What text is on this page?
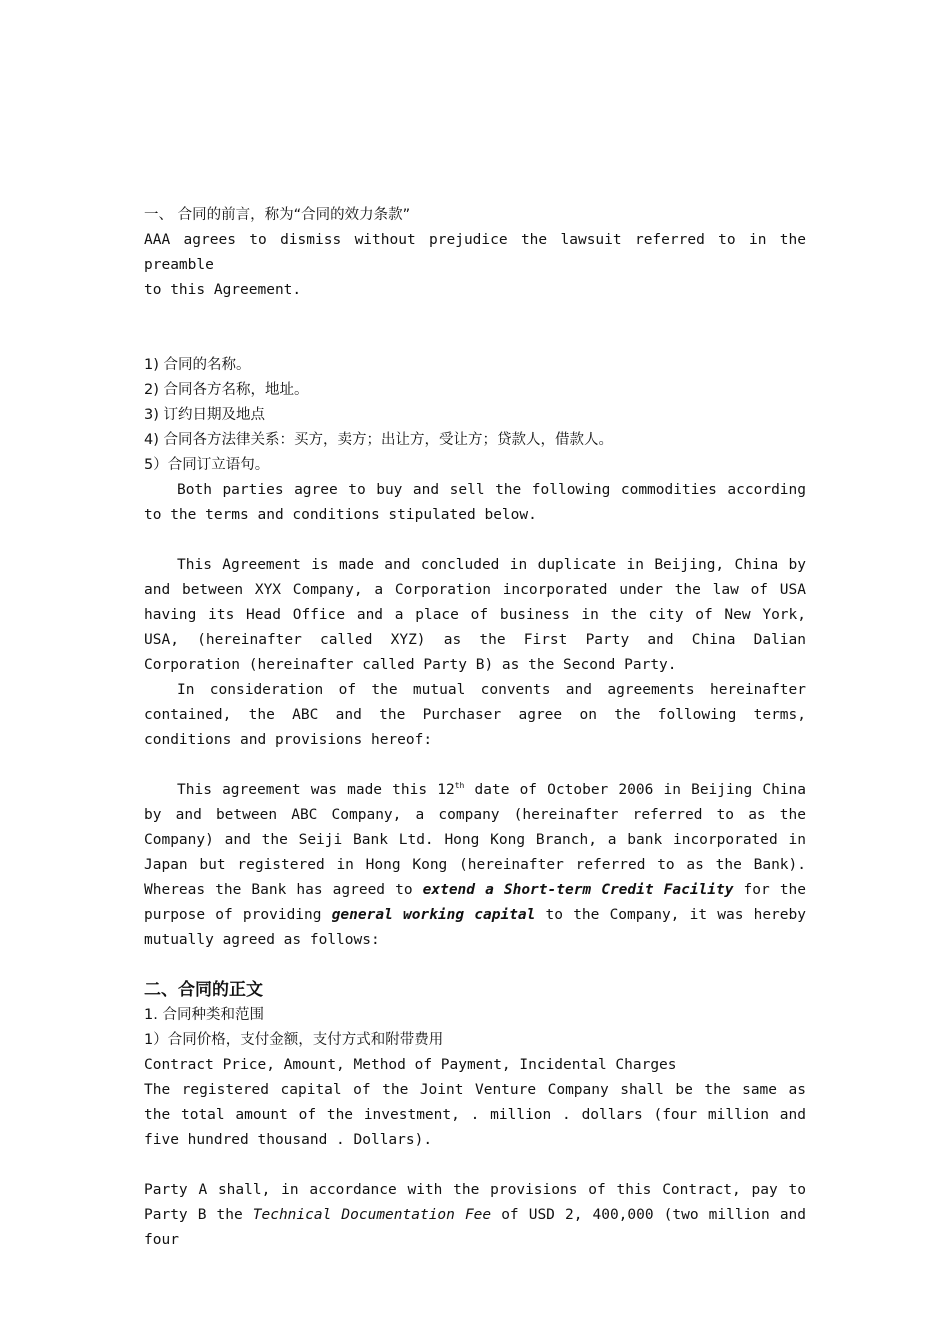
一、 合同的前言，称为“合同的效力条款”

AAA agrees to dismiss without prejudice the lawsuit referred to in the preamble

to this Agreement.

1) 合同的名称。

2) 合同各方名称，地址。

3) 订约日期及地点

4) 合同各方法律关系：买方，卖方；出让方，受让方；贷款人，借款人。

5）合同订立语句。

Both parties agree to buy and sell the following commodities according to the terms and conditions stipulated below.

This Agreement is made and concluded in duplicate in Beijing, China by and between XYX Company, a Corporation incorporated under the law of USA having its Head Office and a place of business in the city of New York, USA, (hereinafter called XYZ) as the First Party and China Dalian Corporation (hereinafter called Party B) as the Second Party.

In consideration of the mutual convents and agreements hereinafter contained, the ABC and the Purchaser agree on the following terms, conditions and provisions hereof:

This agreement was made this 12th date of October 2006 in Beijing China by and between ABC Company, a company (hereinafter referred to as the Company) and the Seiji Bank Ltd. Hong Kong Branch, a bank incorporated in Japan but registered in Hong Kong (hereinafter referred to as the Bank). Whereas the Bank has agreed to extend a Short-term Credit Facility for the purpose of providing general working capital to the Company, it was hereby mutually agreed as follows:

二、合同的正文

1. 合同种类和范围

1）合同价格，支付金额，支付方式和附带费用

Contract Price, Amount, Method of Payment, Incidental Charges

The registered capital of the Joint Venture Company shall be the same as the total amount of the investment, . million . dollars (four million and five hundred thousand . Dollars).

Party A shall, in accordance with the provisions of this Contract, pay to Party B the Technical Documentation Fee of USD 2, 400,000 (two million and four
